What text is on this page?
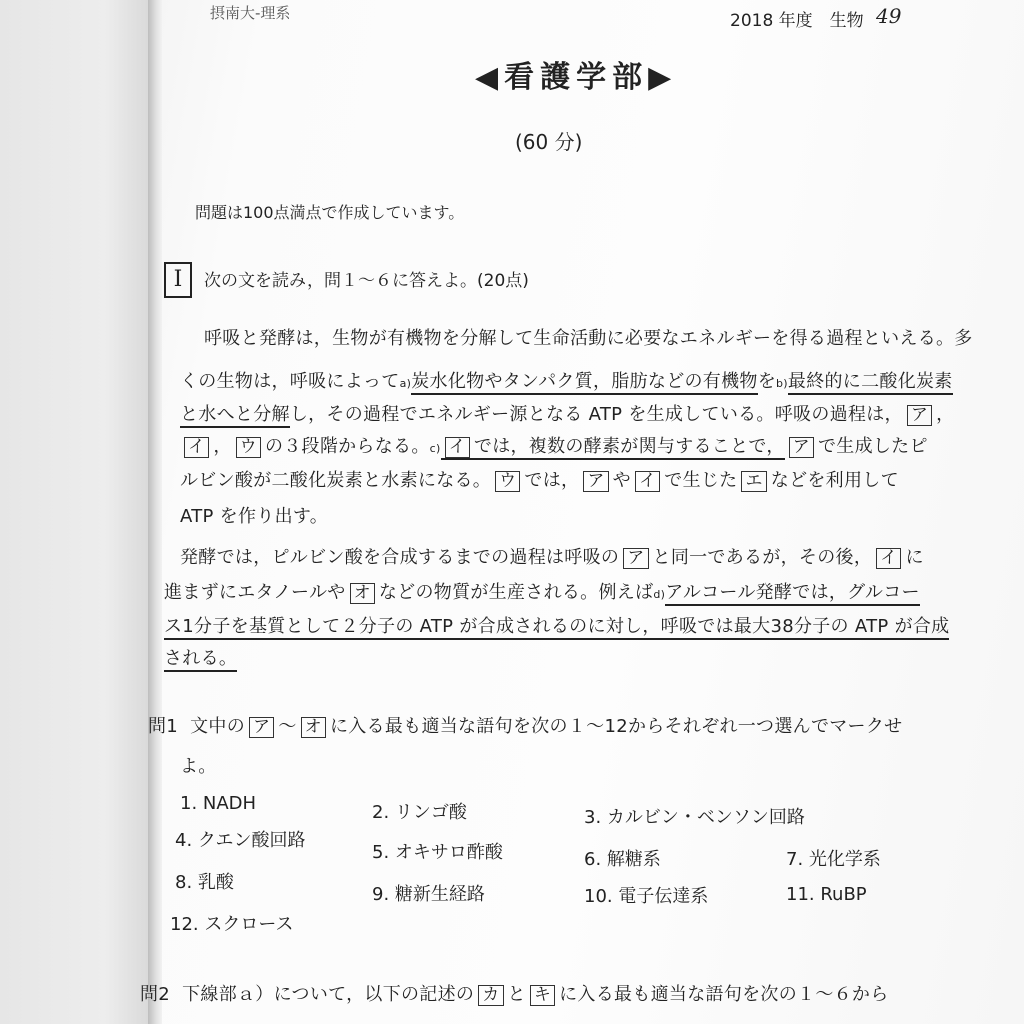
摂南大-理系	2018 年度　生物 49
◀看護学部▶
(60 分)
問題は100点満点で作成しています。
I	次の文を読み，問１～６に答えよ。(20点)
呼吸と発酵は，生物が有機物を分解して生命活動に必要なエネルギーを得る過程といえる。多
くの生物は，呼吸によってa)炭水化物やタンパク質，脂肪などの有機物をb)最終的に二酸化炭素
と水へと分解し，その過程でエネルギー源となる ATP を生成している。呼吸の過程は， ア ，
イ ， ウ の３段階からなる。c) イ では，複数の酵素が関与することで， ア で生成したピ
ルビン酸が二酸化炭素と水素になる。 ウ では， ア や イ で生じた エ などを利用して
ATP を作り出す。
発酵では，ピルビン酸を合成するまでの過程は呼吸の ア と同一であるが，その後， イ に
進まずにエタノールや オ などの物質が生産される。例えばd)アルコール発酵では，グルコー
ス1分子を基質として２分子の ATP が合成されるのに対し，呼吸では最大38分子の ATP が合成
される。
問1 文中の ア ～ オ に入る最も適当な語句を次の１～12からそれぞれ一つ選んでマークせ
よ。
1. NADH	2. リンゴ酸	3. カルビン・ベンソン回路
4. クエン酸回路
5. オキサロ酢酸	6. 解糖系	7. 光化学系
8. 乳酸
9. 糖新生経路	10. 電子伝達系	11. RuBP
12. スクロース
問2 下線部ａ）について，以下の記述の カ と キ に入る最も適当な語句を次の１～６から
